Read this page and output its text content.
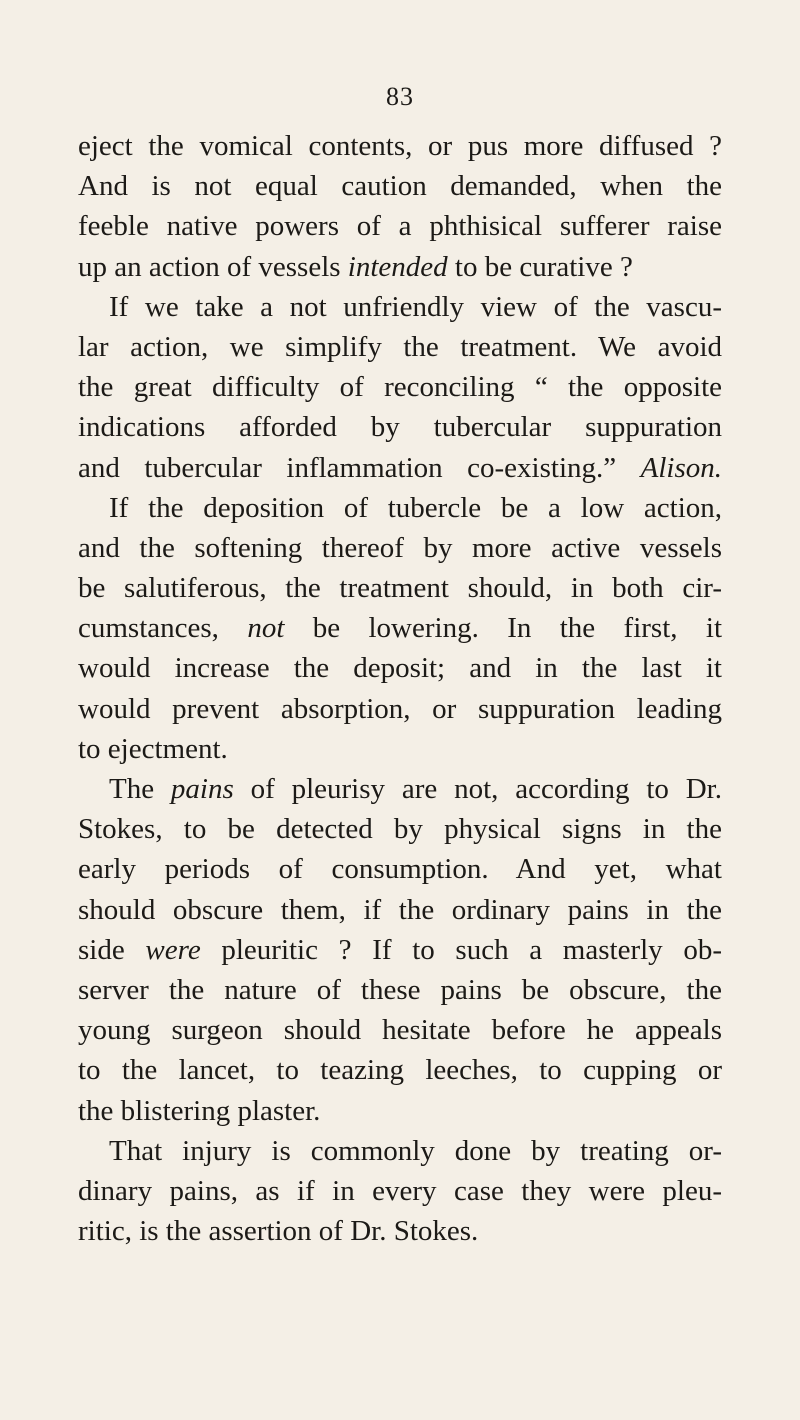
83
eject the vomical contents, or pus more diffused ?
And is not equal caution demanded, when the
feeble native powers of a phthisical sufferer raise
up an action of vessels intended to be curative ?
If we take a not unfriendly view of the vascu-
lar action, we simplify the treatment. We avoid
the great difficulty of reconciling “ the opposite
indications afforded by tubercular suppuration
and tubercular inflammation co-existing.” Alison.
If the deposition of tubercle be a low action,
and the softening thereof by more active vessels
be salutiferous, the treatment should, in both cir-
cumstances, not be lowering. In the first, it
would increase the deposit; and in the last it
would prevent absorption, or suppuration leading
to ejectment.
The pains of pleurisy are not, according to Dr.
Stokes, to be detected by physical signs in the
early periods of consumption. And yet, what
should obscure them, if the ordinary pains in the
side were pleuritic ? If to such a masterly ob-
server the nature of these pains be obscure, the
young surgeon should hesitate before he appeals
to the lancet, to teazing leeches, to cupping or
the blistering plaster.
That injury is commonly done by treating or-
dinary pains, as if in every case they were pleu-
ritic, is the assertion of Dr. Stokes.
